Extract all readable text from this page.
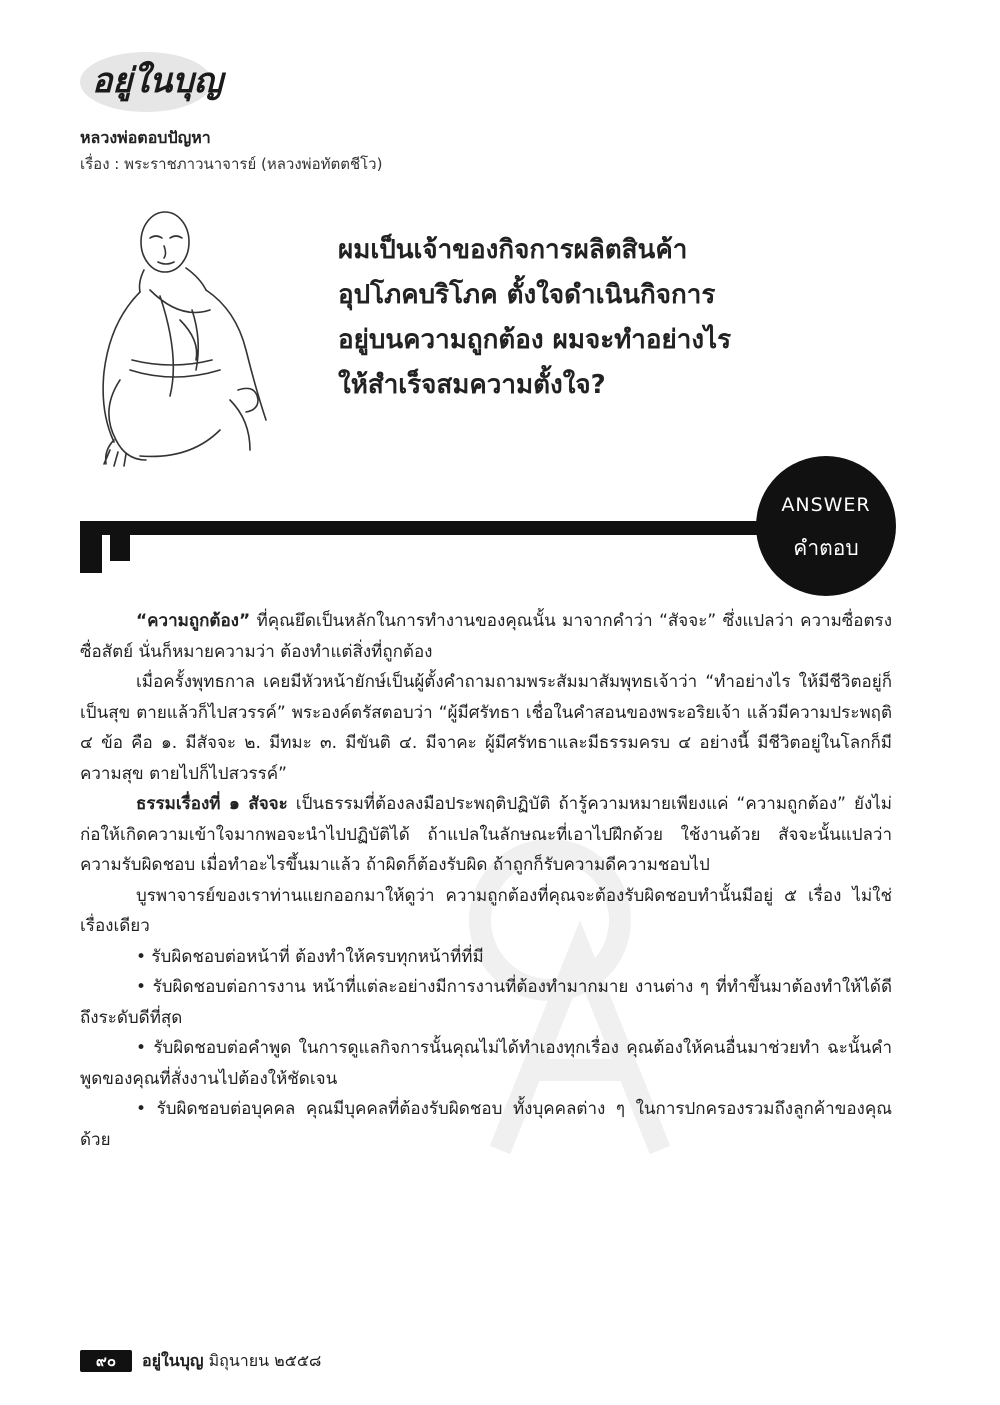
อยู่ในบุญ
หลวงพ่อตอบปัญหา
เรื่อง : พระราชภาวนาจารย์ (หลวงพ่อทัตตชีโว)
ผมเป็นเจ้าของกิจการผลิตสินค้า
อุปโภคบริโภค ตั้งใจดำเนินกิจการ
อยู่บนความถูกต้อง ผมจะทำอย่างไร
ให้สำเร็จสมความตั้งใจ?
ANSWER
คำตอบ

“ความถูกต้อง” ที่คุณยึดเป็นหลักในการทำงานของคุณนั้น มาจากคำว่า “สัจจะ” ซึ่งแปลว่า ความซื่อตรง ซื่อสัตย์ นั่นก็หมายความว่า ต้องทำแต่สิ่งที่ถูกต้อง

เมื่อครั้งพุทธกาล เคยมีหัวหน้ายักษ์เป็นผู้ตั้งคำถามถามพระสัมมาสัมพุทธเจ้าว่า “ทำอย่างไร ให้มีชีวิตอยู่ก็เป็นสุข ตายแล้วก็ไปสวรรค์” พระองค์ตรัสตอบว่า “ผู้มีศรัทธา เชื่อในคำสอนของพระอริยเจ้า แล้วมีความประพฤติ ๔ ข้อ คือ ๑. มีสัจจะ ๒. มีทมะ ๓. มีขันติ ๔. มีจาคะ ผู้มีศรัทธาและมีธรรมครบ ๔ อย่างนี้ มีชีวิตอยู่ในโลกก็มีความสุข ตายไปก็ไปสวรรค์”

ธรรมเรื่องที่ ๑ สัจจะ เป็นธรรมที่ต้องลงมือประพฤติปฏิบัติ ถ้ารู้ความหมายเพียงแค่ “ความถูกต้อง” ยังไม่ก่อให้เกิดความเข้าใจมากพอจะนำไปปฏิบัติได้ ถ้าแปลในลักษณะที่เอาไปฝึกด้วย ใช้งานด้วย สัจจะนั้นแปลว่า ความรับผิดชอบ เมื่อทำอะไรขึ้นมาแล้ว ถ้าผิดก็ต้องรับผิด ถ้าถูกก็รับความดีความชอบไป

บูรพาจารย์ของเราท่านแยกออกมาให้ดูว่า ความถูกต้องที่คุณจะต้องรับผิดชอบทำนั้นมีอยู่ ๕ เรื่อง ไม่ใช่เรื่องเดียว

• รับผิดชอบต่อหน้าที่ ต้องทำให้ครบทุกหน้าที่ที่มี

• รับผิดชอบต่อการงาน หน้าที่แต่ละอย่างมีการงานที่ต้องทำมากมาย งานต่าง ๆ ที่ทำขึ้นมาต้องทำให้ได้ดีถึงระดับดีที่สุด

• รับผิดชอบต่อคำพูด ในการดูแลกิจการนั้นคุณไม่ได้ทำเองทุกเรื่อง คุณต้องให้คนอื่นมาช่วยทำ ฉะนั้นคำพูดของคุณที่สั่งงานไปต้องให้ชัดเจน

• รับผิดชอบต่อบุคคล คุณมีบุคคลที่ต้องรับผิดชอบ ทั้งบุคคลต่าง ๆ ในการปกครองรวมถึงลูกค้าของคุณด้วย

๙๐	อยู่ในบุญ มิถุนายน ๒๕๕๘
